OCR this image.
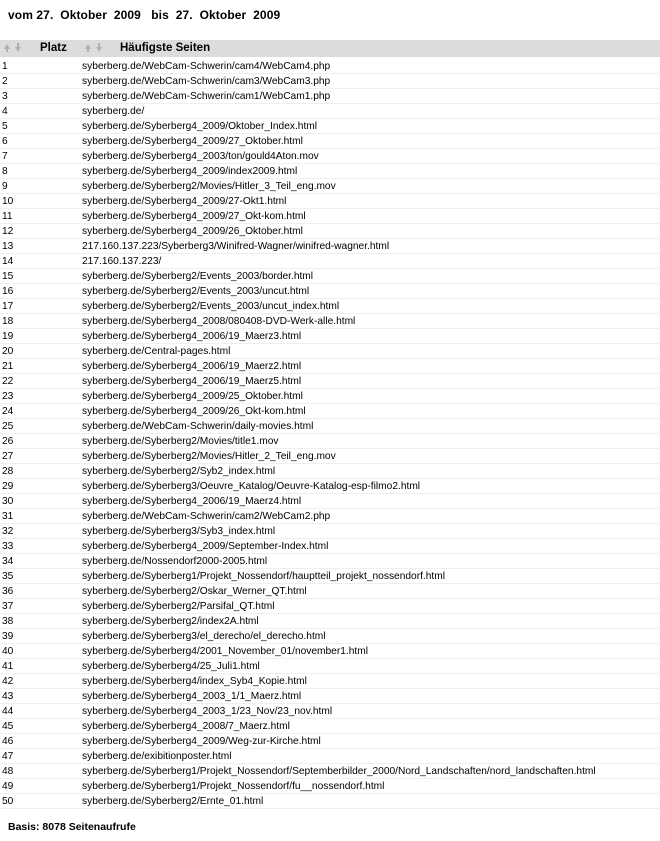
vom 27.  Oktober  2009   bis  27.  Oktober  2009
Platz	Häufigste Seiten
1	syberberg.de/WebCam-Schwerin/cam4/WebCam4.php
2	syberberg.de/WebCam-Schwerin/cam3/WebCam3.php
3	syberberg.de/WebCam-Schwerin/cam1/WebCam1.php
4	syberberg.de/
5	syberberg.de/Syberberg4_2009/Oktober_Index.html
6	syberberg.de/Syberberg4_2009/27_Oktober.html
7	syberberg.de/Syberberg4_2003/ton/gould4Aton.mov
8	syberberg.de/Syberberg4_2009/index2009.html
9	syberberg.de/Syberberg2/Movies/Hitler_3_Teil_eng.mov
10	syberberg.de/Syberberg4_2009/27-Okt1.html
11	syberberg.de/Syberberg4_2009/27_Okt-kom.html
12	syberberg.de/Syberberg4_2009/26_Oktober.html
13	217.160.137.223/Syberberg3/Winifred-Wagner/winifred-wagner.html
14	217.160.137.223/
15	syberberg.de/Syberberg2/Events_2003/border.html
16	syberberg.de/Syberberg2/Events_2003/uncut.html
17	syberberg.de/Syberberg2/Events_2003/uncut_index.html
18	syberberg.de/Syberberg4_2008/080408-DVD-Werk-alle.html
19	syberberg.de/Syberberg4_2006/19_Maerz3.html
20	syberberg.de/Central-pages.html
21	syberberg.de/Syberberg4_2006/19_Maerz2.html
22	syberberg.de/Syberberg4_2006/19_Maerz5.html
23	syberberg.de/Syberberg4_2009/25_Oktober.html
24	syberberg.de/Syberberg4_2009/26_Okt-kom.html
25	syberberg.de/WebCam-Schwerin/daily-movies.html
26	syberberg.de/Syberberg2/Movies/title1.mov
27	syberberg.de/Syberberg2/Movies/Hitler_2_Teil_eng.mov
28	syberberg.de/Syberberg2/Syb2_index.html
29	syberberg.de/Syberberg3/Oeuvre_Katalog/Oeuvre-Katalog-esp-filmo2.html
30	syberberg.de/Syberberg4_2006/19_Maerz4.html
31	syberberg.de/WebCam-Schwerin/cam2/WebCam2.php
32	syberberg.de/Syberberg3/Syb3_index.html
33	syberberg.de/Syberberg4_2009/September-Index.html
34	syberberg.de/Nossendorf2000-2005.html
35	syberberg.de/Syberberg1/Projekt_Nossendorf/hauptteil_projekt_nossendorf.html
36	syberberg.de/Syberberg2/Oskar_Werner_QT.html
37	syberberg.de/Syberberg2/Parsifal_QT.html
38	syberberg.de/Syberberg2/index2A.html
39	syberberg.de/Syberberg3/el_derecho/el_derecho.html
40	syberberg.de/Syberberg4/2001_November_01/november1.html
41	syberberg.de/Syberberg4/25_Juli1.html
42	syberberg.de/Syberberg4/index_Syb4_Kopie.html
43	syberberg.de/Syberberg4_2003_1/1_Maerz.html
44	syberberg.de/Syberberg4_2003_1/23_Nov/23_nov.html
45	syberberg.de/Syberberg4_2008/7_Maerz.html
46	syberberg.de/Syberberg4_2009/Weg-zur-Kirche.html
47	syberberg.de/exibitionposter.html
48	syberberg.de/Syberberg1/Projekt_Nossendorf/Septemberbilder_2000/Nord_Landschaften/nord_landschaften.html
49	syberberg.de/Syberberg1/Projekt_Nossendorf/fu__nossendorf.html
50	syberberg.de/Syberberg2/Ernte_01.html
Basis: 8078 Seitenaufrufe
